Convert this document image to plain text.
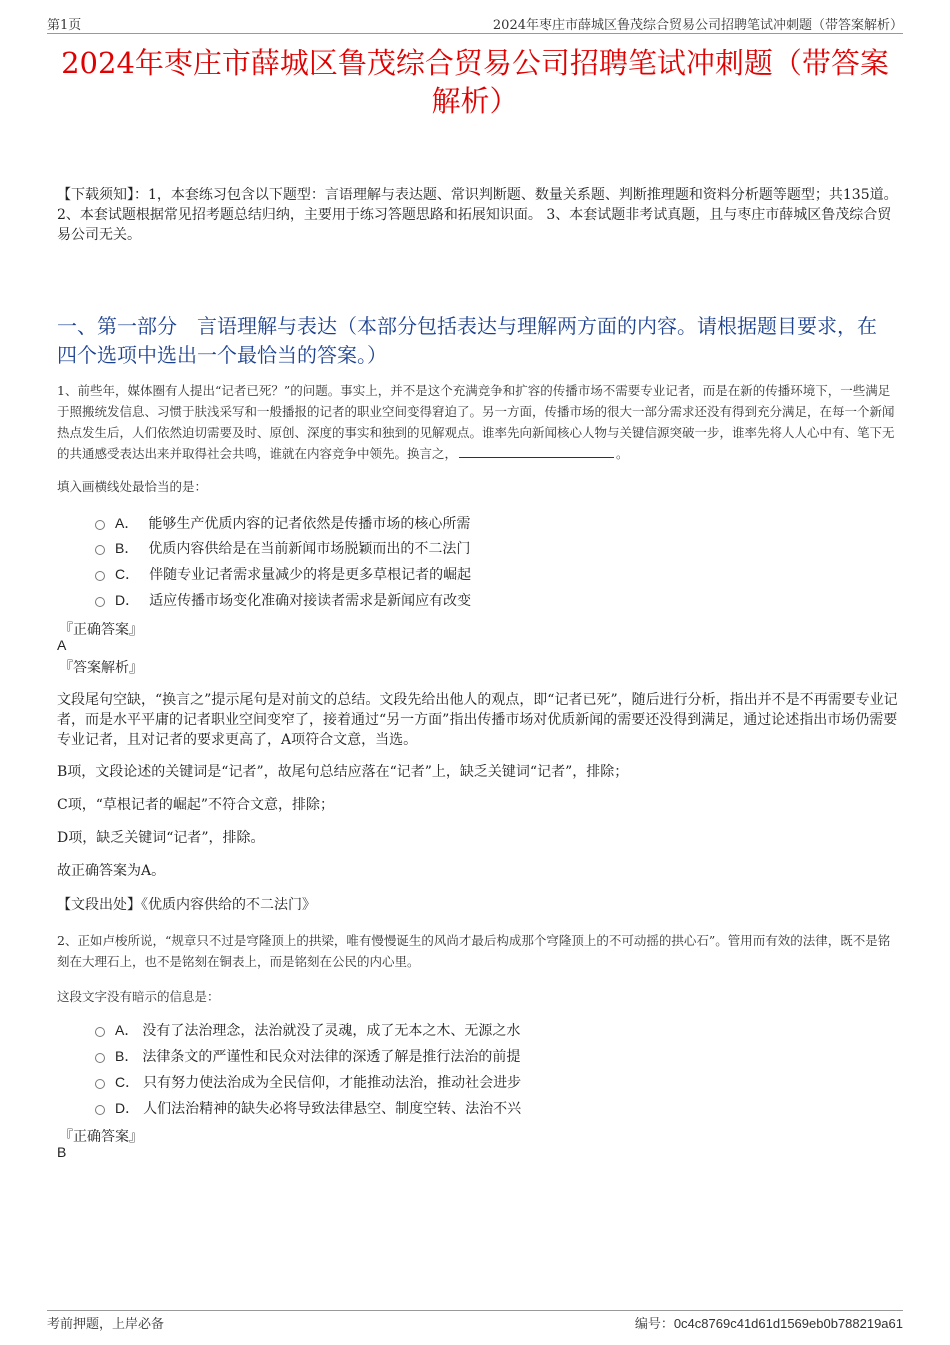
第1页	2024年枣庄市薛城区鲁茂综合贸易公司招聘笔试冲刺题（带答案解析）
2024年枣庄市薛城区鲁茂综合贸易公司招聘笔试冲刺题（带答案解析）
【下载须知】：1，本套练习包含以下题型：言语理解与表达题、常识判断题、数量关系题、判断推理题和资料分析题等题型；共135道。 2、本套试题根据常见招考题总结归纳，主要用于练习答题思路和拓展知识面。 3、本套试题非考试真题，且与枣庄市薛城区鲁茂综合贸易公司无关。
一、第一部分　言语理解与表达（本部分包括表达与理解两方面的内容。请根据题目要求，在四个选项中选出一个最恰当的答案。）
1、前些年，媒体圈有人提出“记者已死？”的问题。事实上，并不是这个充满竞争和扩容的传播市场不需要专业记者，而是在新的传播环境下，一些满足于照搬统发信息、习惯于肤浅采写和一般播报的记者的职业空间变得窘迫了。另一方面，传播市场的很大一部分需求还没有得到充分满足，在每一个新闻热点发生后，人们依然迫切需要及时、原创、深度的事实和独到的见解观点。谁率先向新闻核心人物与关键信源突破一步，谁率先将人人心中有、笔下无的共通感受表达出来并取得社会共鸣，谁就在内容竞争中领先。换言之，	。
填入画横线处最恰当的是：
A． 能够生产优质内容的记者依然是传播市场的核心所需
B． 优质内容供给是在当前新闻市场脱颖而出的不二法门
C． 伴随专业记者需求量减少的将是更多草根记者的崛起
D． 适应传播市场变化准确对接读者需求是新闻应有改变
『正确答案』
A
『答案解析』
文段尾句空缺，“换言之”提示尾句是对前文的总结。文段先给出他人的观点，即“记者已死”，随后进行分析，指出并不是不再需要专业记者，而是水平平庸的记者职业空间变窄了，接着通过“另一方面”指出传播市场对优质新闻的需要还没得到满足，通过论述指出市场仍需要专业记者，且对记者的要求更高了，A项符合文意，当选。
B项，文段论述的关键词是“记者”，故尾句总结应落在“记者”上，缺乏关键词“记者”，排除；
C项，“草根记者的崛起”不符合文意，排除；
D项，缺乏关键词“记者”，排除。
故正确答案为A。
【文段出处】《优质内容供给的不二法门》
2、正如卢梭所说，“规章只不过是穹隆顶上的拱梁，唯有慢慢诞生的风尚才最后构成那个穹隆顶上的不可动摇的拱心石”。管用而有效的法律，既不是铭刻在大理石上，也不是铭刻在铜表上，而是铭刻在公民的内心里。
这段文字没有暗示的信息是：
A． 没有了法治理念，法治就没了灵魂，成了无本之木、无源之水
B． 法律条文的严谨性和民众对法律的深透了解是推行法治的前提
C． 只有努力使法治成为全民信仰，才能推动法治，推动社会进步
D． 人们法治精神的缺失必将导致法律悬空、制度空转、法治不兴
『正确答案』
B
考前押题，上岸必备	编号：0c4c8769c41d61d1569eb0b788219a61
